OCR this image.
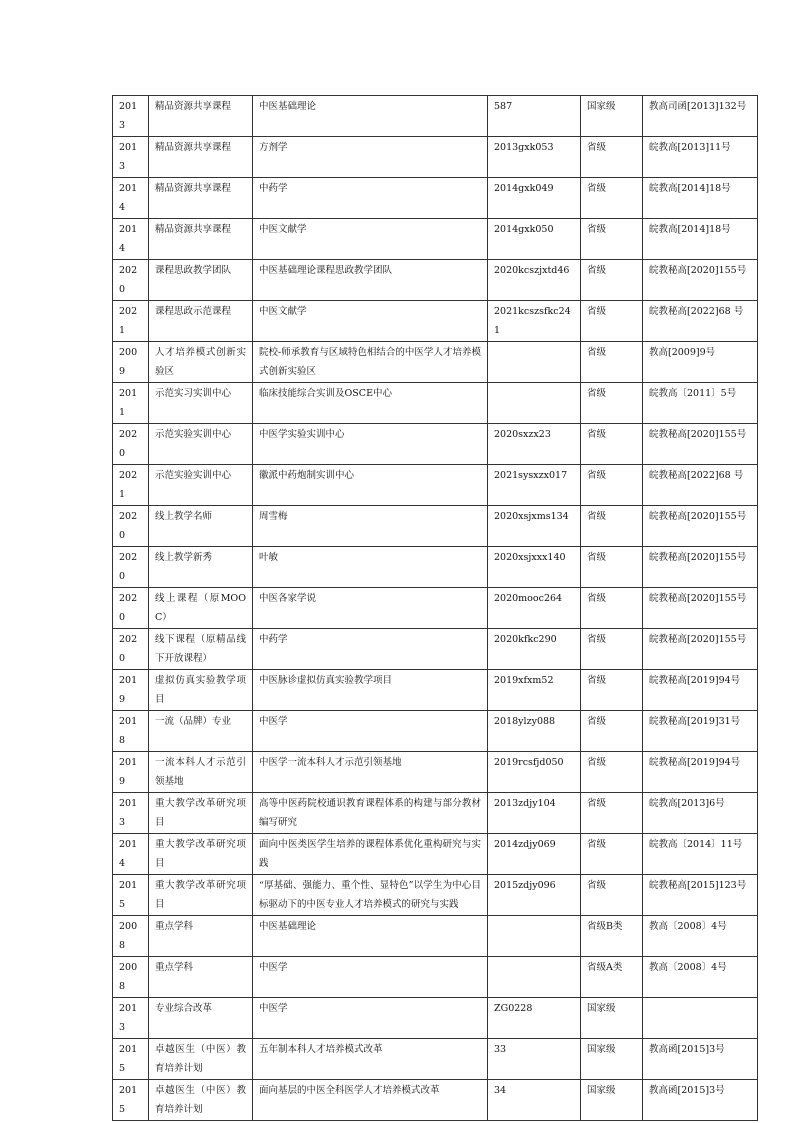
2013	精品资源共享课程	中医基础理论	587	国家级	教高司函[2013]132号
2013	精品资源共享课程	方剂学	2013gxk053	省级	皖教高[2013]11号
2014	精品资源共享课程	中药学	2014gxk049	省级	皖教高[2014]18号
2014	精品资源共享课程	中医文献学	2014gxk050	省级	皖教高[2014]18号
2020	课程思政教学团队	中医基础理论课程思政教学团队	2020kcszjxtd46	省级	皖教秘高[2020]155号
2021	课程思政示范课程	中医文献学	2021kcszsfkc241	省级	皖教秘高[2022]68 号
2009	人才培养模式创新实验区	院校-师承教育与区域特色相结合的中医学人才培养模式创新实验区		省级	教高[2009]9号
2011	示范实习实训中心	临床技能综合实训及OSCE中心		省级	皖教高〔2011〕5号
2020	示范实验实训中心	中医学实验实训中心	2020sxzx23	省级	皖教秘高[2020]155号
2021	示范实验实训中心	徽派中药炮制实训中心	2021sysxzx017	省级	皖教秘高[2022]68 号
2020	线上教学名师	周雪梅	2020xsjxms134	省级	皖教秘高[2020]155号
2020	线上教学新秀	叶敏	2020xsjxxx140	省级	皖教秘高[2020]155号
2020	线上课程（原MOOC）	中医各家学说	2020mooc264	省级	皖教秘高[2020]155号
2020	线下课程（原精品线下开放课程）	中药学	2020kfkc290	省级	皖教秘高[2020]155号
2019	虚拟仿真实验教学项目	中医脉诊虚拟仿真实验教学项目	2019xfxm52	省级	皖教秘高[2019]94号
2018	一流（品牌）专业	中医学	2018ylzy088	省级	皖教秘高[2019]31号
2019	一流本科人才示范引领基地	中医学一流本科人才示范引领基地	2019rcsfjd050	省级	皖教秘高[2019]94号
2013	重大教学改革研究项目	高等中医药院校通识教育课程体系的构建与部分教材编写研究	2013zdjy104	省级	皖教高[2013]6号
2014	重大教学改革研究项目	面向中医类医学生培养的课程体系优化重构研究与实践	2014zdjy069	省级	皖教高〔2014〕11号
2015	重大教学改革研究项目	“厚基础、强能力、重个性、显特色”以学生为中心目标驱动下的中医专业人才培养模式的研究与实践	2015zdjy096	省级	皖教秘高[2015]123号
2008	重点学科	中医基础理论		省级B类	教高〔2008〕4号
2008	重点学科	中医学		省级A类	教高〔2008〕4号
2013	专业综合改革	中医学	ZG0228	国家级	
2015	卓越医生（中医）教育培养计划	五年制本科人才培养模式改革	33	国家级	教高函[2015]3号
2015	卓越医生（中医）教育培养计划	面向基层的中医全科医学人才培养模式改革	34	国家级	教高函[2015]3号
